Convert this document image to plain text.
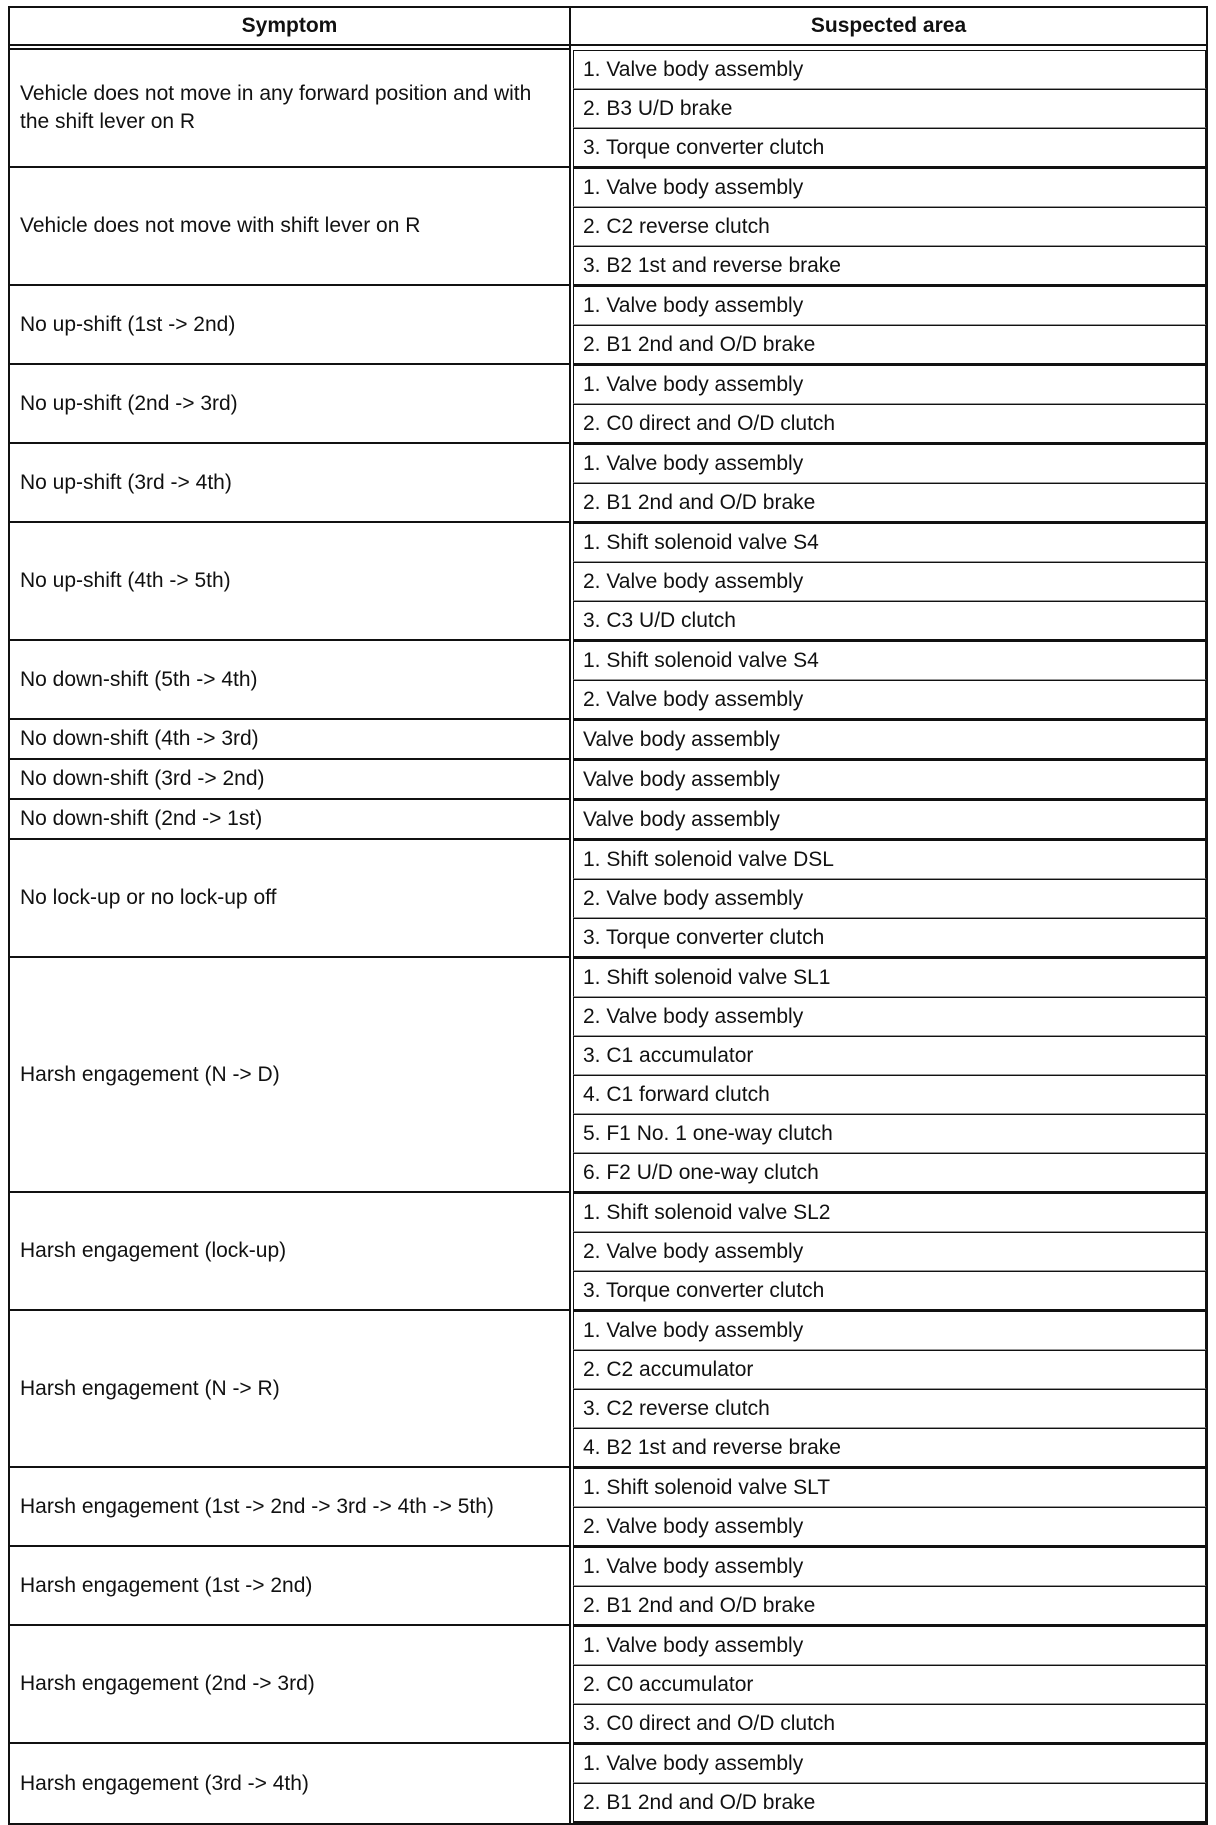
Symptom	Suspected area

Vehicle does not move in any forward position and with the shift lever on R	1. Valve body assembly

	2. B3 U/D brake

	3. Torque converter clutch

Vehicle does not move with shift lever on R	1. Valve body assembly

	2. C2 reverse clutch

	3. B2 1st and reverse brake

No up-shift (1st -> 2nd)	1. Valve body assembly

	2. B1 2nd and O/D brake

No up-shift (2nd -> 3rd)	1. Valve body assembly

	2. C0 direct and O/D clutch

No up-shift (3rd -> 4th)	1. Valve body assembly

	2. B1 2nd and O/D brake

No up-shift (4th -> 5th)	1. Shift solenoid valve S4

	2. Valve body assembly

	3. C3 U/D clutch

No down-shift (5th -> 4th)	1. Shift solenoid valve S4

	2. Valve body assembly

No down-shift (4th -> 3rd)	Valve body assembly

No down-shift (3rd -> 2nd)	Valve body assembly

No down-shift (2nd -> 1st)	Valve body assembly

No lock-up or no lock-up off	1. Shift solenoid valve DSL

	2. Valve body assembly

	3. Torque converter clutch

Harsh engagement (N -> D)	1. Shift solenoid valve SL1

	2. Valve body assembly

	3. C1 accumulator

	4. C1 forward clutch

	5. F1 No. 1 one-way clutch

	6. F2 U/D one-way clutch

Harsh engagement (lock-up)	1. Shift solenoid valve SL2

	2. Valve body assembly

	3. Torque converter clutch

Harsh engagement (N -> R)	1. Valve body assembly

	2. C2 accumulator

	3. C2 reverse clutch

	4. B2 1st and reverse brake

Harsh engagement (1st -> 2nd -> 3rd -> 4th -> 5th)	1. Shift solenoid valve SLT

	2. Valve body assembly

Harsh engagement (1st -> 2nd)	1. Valve body assembly

	2. B1 2nd and O/D brake

Harsh engagement (2nd -> 3rd)	1. Valve body assembly

	2. C0 accumulator

	3. C0 direct and O/D clutch

Harsh engagement (3rd -> 4th)	1. Valve body assembly

	2. B1 2nd and O/D brake
